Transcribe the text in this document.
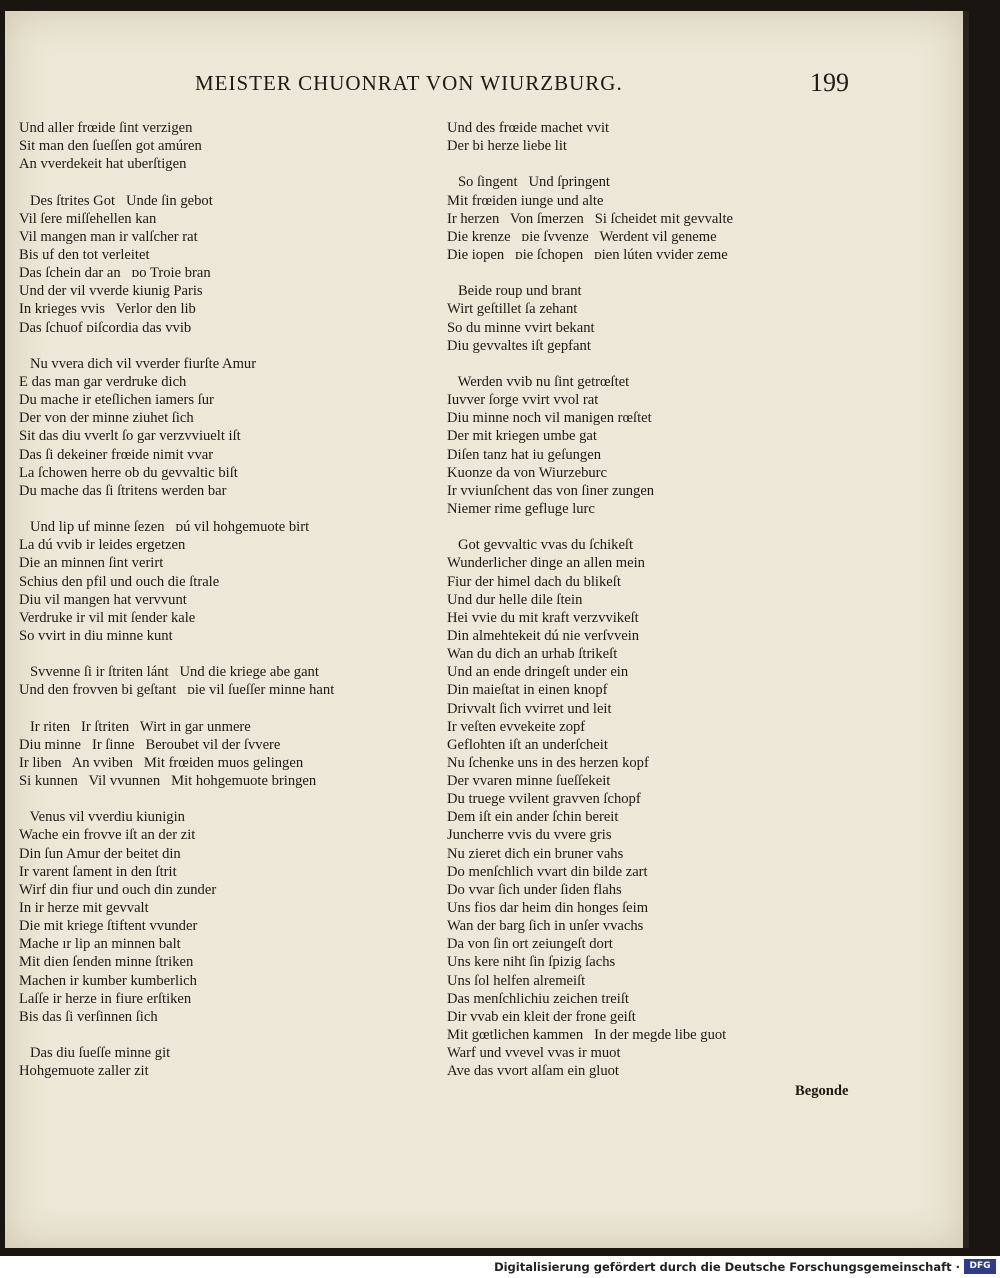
MEISTER CHUONRAT VON WIURZBURG.	199
Und aller frœide ſint verzigen
Sit man den ſueſſen got amúren
An vverdekeit hat uberſtigen
Des ſtrites Got   Unde ſin gebot
Vil ſere miſſehellen kan
Vil mangen man ir valſcher rat
Bis uf den tot verleitet
Das ſchein dar an   ᴅo Troie bran
Und der vil vverde kiunig Paris
In krieges vvis   Verlor den lib
Das ſchuof ᴅiſcordia das vvib
Nu vvera dich vil vverder fiurſte Amur
E das man gar verdruke dich
Du mache ir eteſlichen iamers ſur
Der von der minne ziuhet ſich
Sit das diu vverlt ſo gar verzvviuelt iſt
Das ſi dekeiner frœide nimit vvar
La ſchowen herre ob du gevvaltic biſt
Du mache das ſi ſtritens werden bar
Und lip uf minne ſezen   ᴅú vil hohgemuote birt
La dú vvib ir leides ergetzen
Die an minnen ſint verirt
Schius den pfil und ouch die ſtrale
Diu vil mangen hat vervvunt
Verdruke ir vil mit ſender kale
So vvirt in diu minne kunt
Svvenne ſi ir ſtriten lánt   Und die kriege abe gant
Und den frovven bi geſtant   ᴅie vil ſueſſer minne hant
Ir riten   Ir ſtriten   Wirt in gar unmere
Diu minne   Ir ſinne   Beroubet vil der ſvvere
Ir liben   An vviben   Mit frœiden muos gelingen
Si kunnen   Vil vvunnen   Mit hohgemuote bringen
Venus vil vverdiu kiunigin
Wache ein frovve iſt an der zit
Din ſun Amur der beitet din
Ir varent ſament in den ſtrit
Wirf din fiur und ouch din zunder
In ir herze mit gevvalt
Die mit kriege ſtiftent vvunder
Mache ır lip an minnen balt
Mit dien ſenden minne ſtriken
Machen ir kumber kumberlich
Laſſe ir herze in fiure erſtiken
Bis das ſi verſinnen ſich
Das diu ſueſſe minne git
Hohgemuote zaller zit
Und des frœide machet vvit
Der bi herze liebe lit
So ſingent   Und ſpringent
Mit frœiden iunge und alte
Ir herzen   Von ſmerzen   Si ſcheidet mit gevvalte
Die krenze   ᴅie ſvvenze   Werdent vil geneme
Die iopen   ᴅie ſchopen   ᴅien lúten vvider zeme
Beide roup und brant
Wirt geſtillet ſa zehant
So du minne vvirt bekant
Diu gevvaltes iſt gepfant
Werden vvib nu ſint getrœſtet
Iuvver ſorge vvirt vvol rat
Diu minne noch vil manigen rœſtet
Der mit kriegen umbe gat
Diſen tanz hat iu geſungen
Kuonze da von Wiurzeburc
Ir vviunſchent das von ſiner zungen
Niemer rime gefluge lurc
Got gevvaltic vvas du ſchikeſt
Wunderlicher dinge an allen mein
Fiur der himel dach du blikeſt
Und dur helle dile ſtein
Hei vvie du mit kraft verzvvikeſt
Din almehtekeit dú nie verſvvein
Wan du dich an urhab ſtrikeſt
Und an ende dringeſt under ein
Din maieſtat in einen knopf
Drivvalt ſich vvirret und leit
Ir veſten evvekeite zopf
Geflohten iſt an underſcheit
Nu ſchenke uns in des herzen kopf
Der vvaren minne ſueſſekeit
Du truege vvilent gravven ſchopf
Dem iſt ein ander ſchin bereit
Juncherre vvis du vvere gris
Nu zieret dich ein bruner vahs
Do menſchlich vvart din bilde zart
Do vvar ſich under ſiden flahs
Uns fios dar heim din honges ſeim
Wan der barg ſich in unſer vvachs
Da von ſin ort zeiungeſt dort
Uns kere niht ſin ſpizig ſachs
Uns ſol helfen alremeiſt
Das menſchlichiu zeichen treiſt
Dir vvab ein kleit der frone geiſt
Mit gœtlichen kammen   In der megde libe guot
Warf und vvevel vvas ir muot
Ave das vvort alſam ein gluot
Begonde
Digitalisierung gefördert durch die Deutsche Forschungsgemeinschaft ·	DFG
